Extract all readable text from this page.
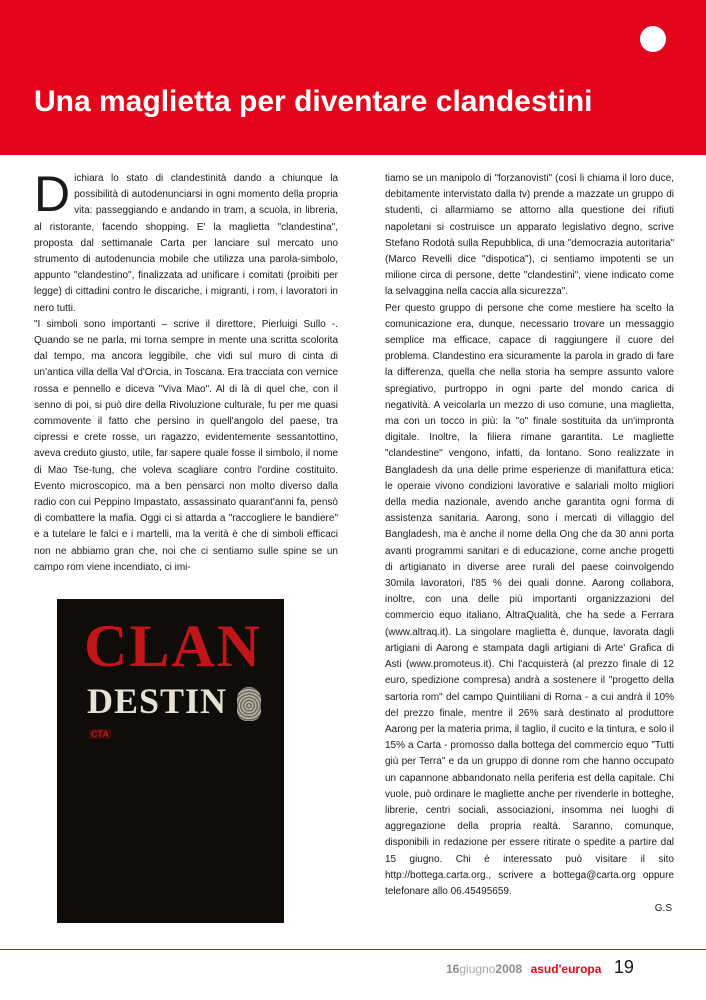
Una maglietta per diventare clandestini

Dichiara lo stato di clandestinità dando a chiunque la possibilità di autodenunciarsi in ogni momento della propria vita: passeggiando e andando in tram, a scuola, in libreria, al ristorante, facendo shopping. E' la maglietta "clandestina", proposta dal settimanale Carta per lanciare sul mercato uno strumento di autodenuncia mobile che utilizza una parola-simbolo, appunto "clandestino", finalizzata ad unificare i comitati (proibiti per legge) di cittadini contro le discariche, i migranti, i rom, i lavoratori in nero tutti.

"I simboli sono importanti – scrive il direttore, Pierluigi Sullo -. Quando se ne parla, mi torna sempre in mente una scritta scolorita dal tempo, ma ancora leggibile, che vidi sul muro di cinta di un'antica villa della Val d'Orcia, in Toscana. Era tracciata con vernice rossa e pennello e diceva "Viva Mao". Al di là di quel che, con il senno di poi, si può dire della Rivoluzione culturale, fu per me quasi commovente il fatto che persino in quell'angolo del paese, tra cipressi e crete rosse, un ragazzo, evidentemente sessantottino, aveva creduto giusto, utile, far sapere quale fosse il simbolo, il nome di Mao Tse-tung, che voleva scagliare contro l'ordine costituito. Evento microscopico, ma a ben pensarci non molto diverso dalla radio con cui Peppino Impastato, assassinato quarant'anni fa, pensò di combattere la mafia. Oggi ci si attarda a "raccogliere le bandiere" e a tutelare le falci e i martelli, ma la verità è che di simboli efficaci non ne abbiamo gran che, noi che ci sentiamo sulle spine se un campo rom viene incendiato, ci imi-

tiamo se un manipolo di "forzanovisti" (così li chiama il loro duce, debitamente intervistato dalla tv) prende a mazzate un gruppo di studenti, ci allarmiamo se attorno alla questione dei rifiuti napoletani si costruisce un apparato legislativo degno, scrive Stefano Rodotà sulla Repubblica, di una "democrazia autoritaria" (Marco Revelli dice "dispotica"), ci sentiamo impotenti se un milione circa di persone, dette "clandestini", viene indicato come la selvaggina nella caccia alla sicurezza".

Per questo gruppo di persone che come mestiere ha scelto la comunicazione era, dunque, necessario trovare un messaggio semplice ma efficace, capace di raggiungere il cuore del problema. Clandestino era sicuramente la parola in grado di fare la differenza, quella che nella storia ha sempre assunto valore spregiativo, purtroppo in ogni parte del mondo carica di negatività. A veicolarla un mezzo di uso comune, una maglietta, ma con un tocco in più: la "o" finale sostituita da un'impronta digitale. Inoltre, la filiera rimane garantita. Le magliette "clandestine" vengono, infatti, da lontano. Sono realizzate in Bangladesh da una delle prime esperienze di manifattura etica: le operaie vivono condizioni lavorative e salariali molto migliori della media nazionale, avendo anche garantita ogni forma di assistenza sanitaria. Aarong, sono i mercati di villaggio del Bangladesh, ma è anche il nome della Ong che da 30 anni porta avanti programmi sanitari e di educazione, come anche progetti di artigianato in diverse aree rurali del paese coinvolgendo 30mila lavoratori, l'85 % dei quali donne. Aarong collabora, inoltre, con una delle più importanti organizzazioni del commercio equo italiano, AltraQualità, che ha sede a Ferrara (www.altraq.it). La singolare maglietta è, dunque, lavorata dagli artigiani di Aarong e stampata dagli artigiani di Arte' Grafica di Asti (www.promoteus.it). Chi l'acquisterà (al prezzo finale di 12 euro, spedizione compresa) andrà a sostenere il "progetto della sartoria rom" del campo Quintiliani di Roma - a cui andrà il 10% del prezzo finale, mentre il 26% sarà destinato al produttore Aarong per la materia prima, il taglio, il cucito e la tintura, e solo il 15% a Carta - promosso dalla bottega del commercio equo "Tutti giù per Terra" e da un gruppo di donne rom che hanno occupato un capannone abbandonato nella periferia est della capitale. Chi vuole, può ordinare le magliette anche per rivenderle in botteghe, librerie, centri sociali, associazioni, insomma nei luoghi di aggregazione della propria realtà. Saranno, comunque, disponibili in redazione per essere ritirate o spedite a partire dal 15 giugno. Chi è interessato può visitare il sito http://bottega.carta.org., scrivere a bottega@carta.org oppure telefonare allo 06.45495659.

G.S
CLAN
DESTIN
CTA
16giugno2008 asud'europa 19
